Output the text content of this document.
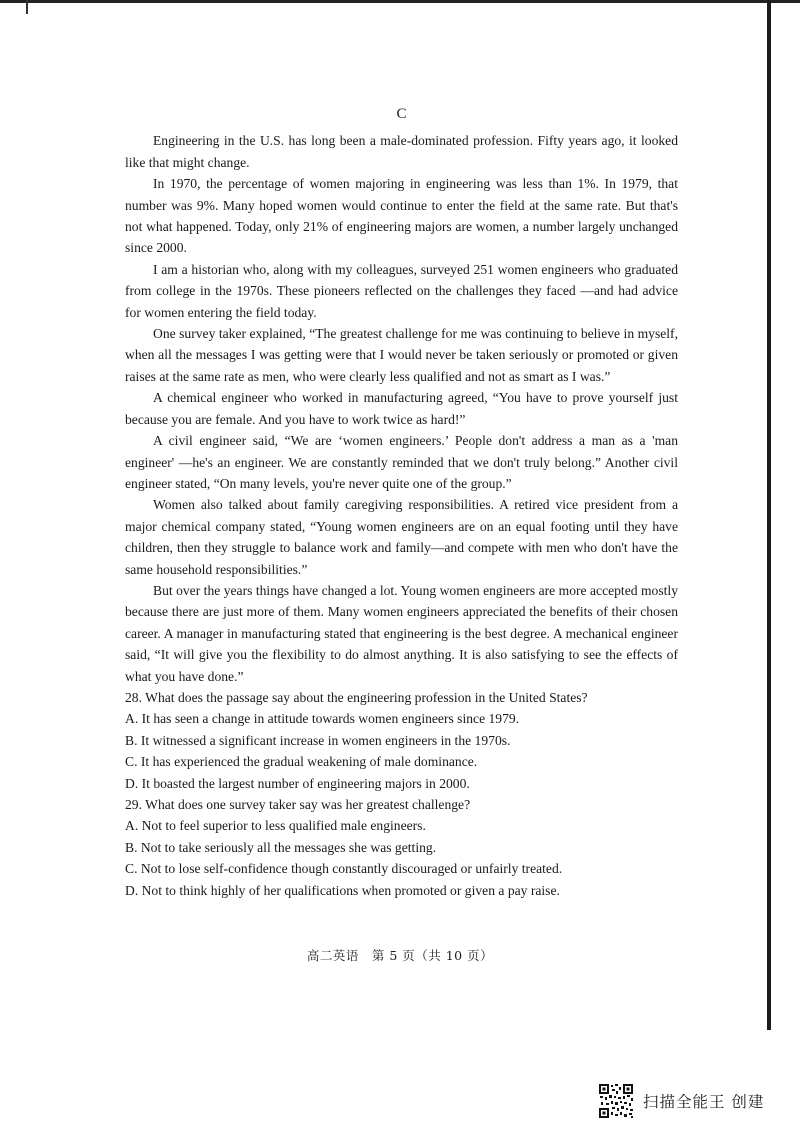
C

Engineering in the U.S. has long been a male-dominated profession. Fifty years ago, it looked like that might change.

In 1970, the percentage of women majoring in engineering was less than 1%. In 1979, that number was 9%. Many hoped women would continue to enter the field at the same rate. But that's not what happened. Today, only 21% of engineering majors are women, a number largely unchanged since 2000.

I am a historian who, along with my colleagues, surveyed 251 women engineers who graduated from college in the 1970s. These pioneers reflected on the challenges they faced —and had advice for women entering the field today.

One survey taker explained, “The greatest challenge for me was continuing to believe in myself, when all the messages I was getting were that I would never be taken seriously or promoted or given raises at the same rate as men, who were clearly less qualified and not as smart as I was.”

A chemical engineer who worked in manufacturing agreed, “You have to prove yourself just because you are female. And you have to work twice as hard!”

A civil engineer said, “We are ‘women engineers.’ People don't address a man as a 'man engineer' —he's an engineer. We are constantly reminded that we don't truly belong.” Another civil engineer stated, “On many levels, you're never quite one of the group.”

Women also talked about family caregiving responsibilities. A retired vice president from a major chemical company stated, “Young women engineers are on an equal footing until they have children, then they struggle to balance work and family—and compete with men who don't have the same household responsibilities.”

But over the years things have changed a lot. Young women engineers are more accepted mostly because there are just more of them. Many women engineers appreciated the benefits of their chosen career. A manager in manufacturing stated that engineering is the best degree. A mechanical engineer said, “It will give you the flexibility to do almost anything. It is also satisfying to see the effects of what you have done.”

28. What does the passage say about the engineering profession in the United States?

A. It has seen a change in attitude towards women engineers since 1979.

B. It witnessed a significant increase in women engineers in the 1970s.

C. It has experienced the gradual weakening of male dominance.

D. It boasted the largest number of engineering majors in 2000.

29. What does one survey taker say was her greatest challenge?

A. Not to feel superior to less qualified male engineers.

B. Not to take seriously all the messages she was getting.

C. Not to lose self-confidence though constantly discouraged or unfairly treated.

D. Not to think highly of her qualifications when promoted or given a pay raise.

高二英语　第 5 页（共 10 页）
扫描全能王 创建
